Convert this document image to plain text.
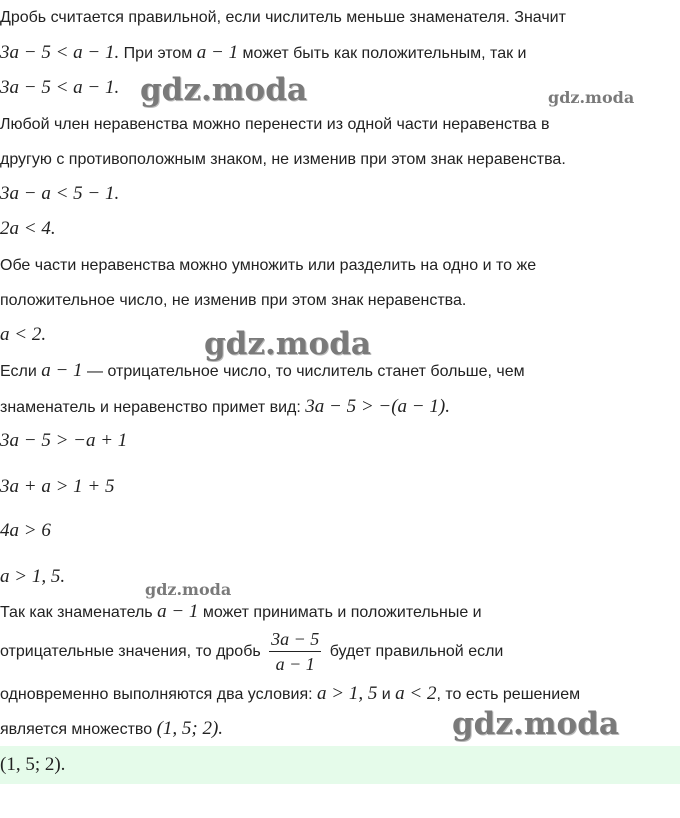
(1, 5; 2).
Дробь считается правильной, если числитель меньше знаменателя. Значит
3a − 5 < a − 1. При этом a − 1 может быть как положительным, так и
3a − 5 < a − 1.
Любой член неравенства можно перенести из одной части неравенства в
другую с противоположным знаком, не изменив при этом знак неравенства.
3a − a < 5 − 1.
2a < 4.
Обе части неравенства можно умножить или разделить на одно и то же
положительное число, не изменив при этом знак неравенства.
a < 2.
Если a − 1 — отрицательное число, то числитель станет больше, чем
знаменатель и неравенство примет вид: 3a − 5 > −(a − 1).
3a − 5 > −a + 1
3a + a > 1 + 5
4a > 6
a > 1, 5.
Так как знаменатель a − 1 может принимать и положительные и
отрицательные значения, то дробь $\frac{3a - 5}{a - 1}$ будет правильной если
одновременно выполняются два условия: a > 1, 5 и a < 2, то есть решением
является множество (1, 5; 2).
gdz.moda	gdz.moda
gdz.moda
gdz.moda
gdz.moda
